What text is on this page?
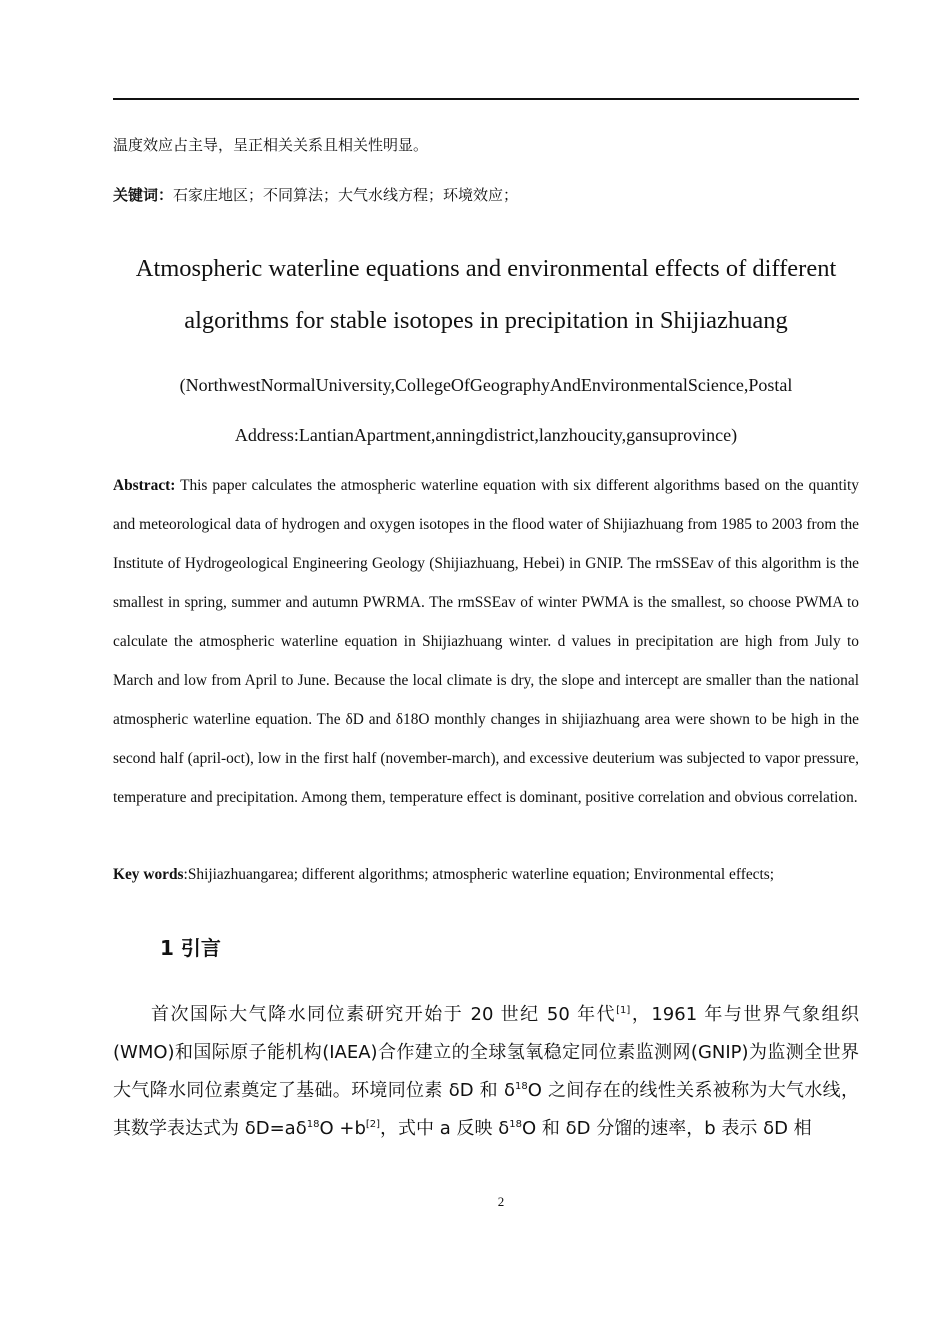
温度效应占主导，呈正相关关系且相关性明显。
关键词：石家庄地区；不同算法；大气水线方程；环境效应；
Atmospheric waterline equations and environmental effects of different
algorithms for stable isotopes in precipitation in Shijiazhuang
(NorthwestNormalUniversity,CollegeOfGeographyAndEnvironmentalScience,Postal
Address:LantianApartment,anningdistrict,lanzhoucity,gansuprovince)
Abstract: This paper calculates the atmospheric waterline equation with six different algorithms based on the quantity and meteorological data of hydrogen and oxygen isotopes in the flood water of Shijiazhuang from 1985 to 2003 from the Institute of Hydrogeological Engineering Geology (Shijiazhuang, Hebei) in GNIP. The rmSSEav of this algorithm is the smallest in spring, summer and autumn PWRMA. The rmSSEav of winter PWMA is the smallest, so choose PWMA to calculate the atmospheric waterline equation in Shijiazhuang winter. d values in precipitation are high from July to March and low from April to June. Because the local climate is dry, the slope and intercept are smaller than the national atmospheric waterline equation. The δD and δ18O monthly changes in shijiazhuang area were shown to be high in the second half (april-oct), low in the first half (november-march), and excessive deuterium was subjected to vapor pressure, temperature and precipitation. Among them, temperature effect is dominant, positive correlation and obvious correlation.
Key words:Shijiazhuangarea; different algorithms; atmospheric waterline equation; Environmental effects;
1 引言

首次国际大气降水同位素研究开始于 20 世纪 50 年代[1]，1961 年与世界气象组织(WMO)和国际原子能机构(IAEA)合作建立的全球氢氧稳定同位素监测网(GNIP)为监测全世界大气降水同位素奠定了基础。环境同位素 δD 和 $\delta^{18}O$ 之间存在的线性关系被称为大气水线，其数学表达式为 $\delta D=a\delta^{18}O +b[2]$，式中 a 反映 $\delta^{18}O$ 和 δD 分馏的速率，b 表示 δD 相

2
